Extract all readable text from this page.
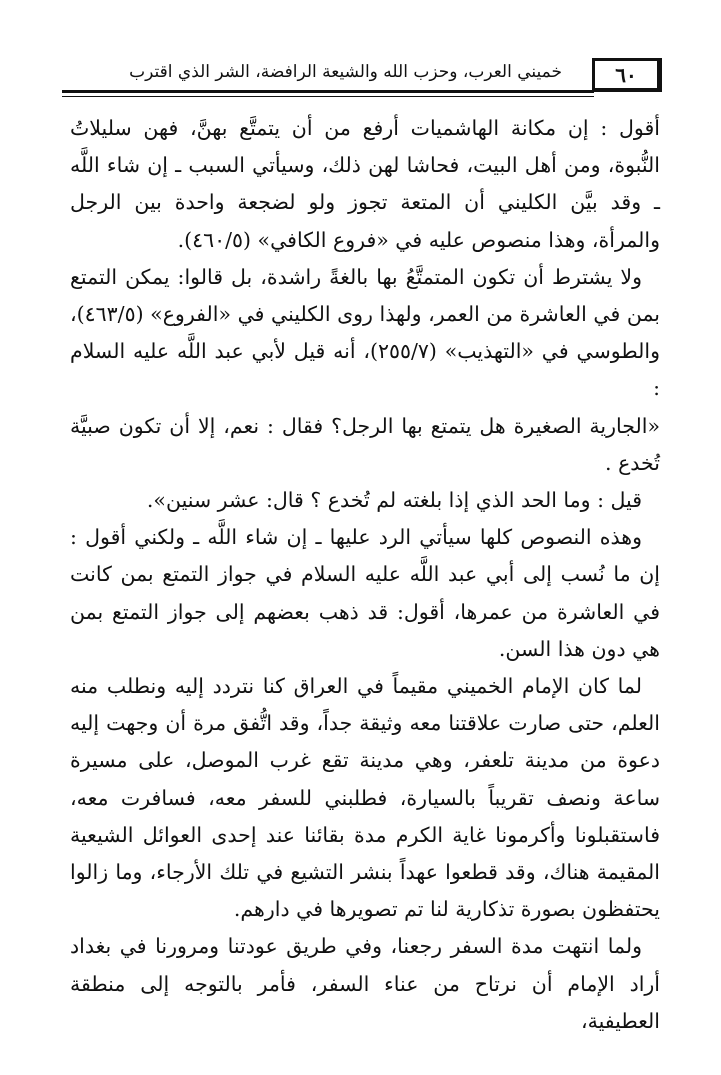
خميني العرب، وحزب الله والشيعة الرافضة، الشر الذي اقترب	٦٠

أقول : إن مكانة الهاشميات أرفع من أن يتمتَّع بهنَّ، فهن سليلاتُ النُّبوة، ومن أهل البيت، فحاشا لهن ذلك، وسيأتي السبب ـ إن شاء اللَّه ـ وقد بيَّن الكليني أن المتعة تجوز ولو لضجعة واحدة بين الرجل والمرأة، وهذا منصوص عليه في «فروع الكافي» (٤٦٠/٥).

ولا يشترط أن تكون المتمتَّعُ بها بالغةً راشدة، بل قالوا: يمكن التمتع بمن في العاشرة من العمر، ولهذا روى الكليني في «الفروع» (٤٦٣/٥)، والطوسي في «التهذيب» (٢٥٥/٧)، أنه قيل لأبي عبد اللَّه عليه السلام :

«الجارية الصغيرة هل يتمتع بها الرجل؟ فقال : نعم، إلا أن تكون صبيَّة تُخدع .

قيل : وما الحد الذي إذا بلغته لم تُخدع ؟ قال: عشر سنين».

وهذه النصوص كلها سيأتي الرد عليها ـ إن شاء اللَّه ـ ولكني أقول : إن ما نُسب إلى أبي عبد اللَّه عليه السلام في جواز التمتع بمن كانت في العاشرة من عمرها، أقول: قد ذهب بعضهم إلى جواز التمتع بمن هي دون هذا السن.

لما كان الإمام الخميني مقيماً في العراق كنا نتردد إليه ونطلب منه العلم، حتى صارت علاقتنا معه وثيقة جداً، وقد اتُّفق مرة أن وجهت إليه دعوة من مدينة تلعفر، وهي مدينة تقع غرب الموصل، على مسيرة ساعة ونصف تقريباً بالسيارة، فطلبني للسفر معه، فسافرت معه، فاستقبلونا وأكرمونا غاية الكرم مدة بقائنا عند إحدى العوائل الشيعية المقيمة هناك، وقد قطعوا عهداً بنشر التشيع في تلك الأرجاء، وما زالوا يحتفظون بصورة تذكارية لنا تم تصويرها في دارهم.

ولما انتهت مدة السفر رجعنا، وفي طريق عودتنا ومرورنا في بغداد أراد الإمام أن نرتاح من عناء السفر، فأمر بالتوجه إلى منطقة العطيفية،
